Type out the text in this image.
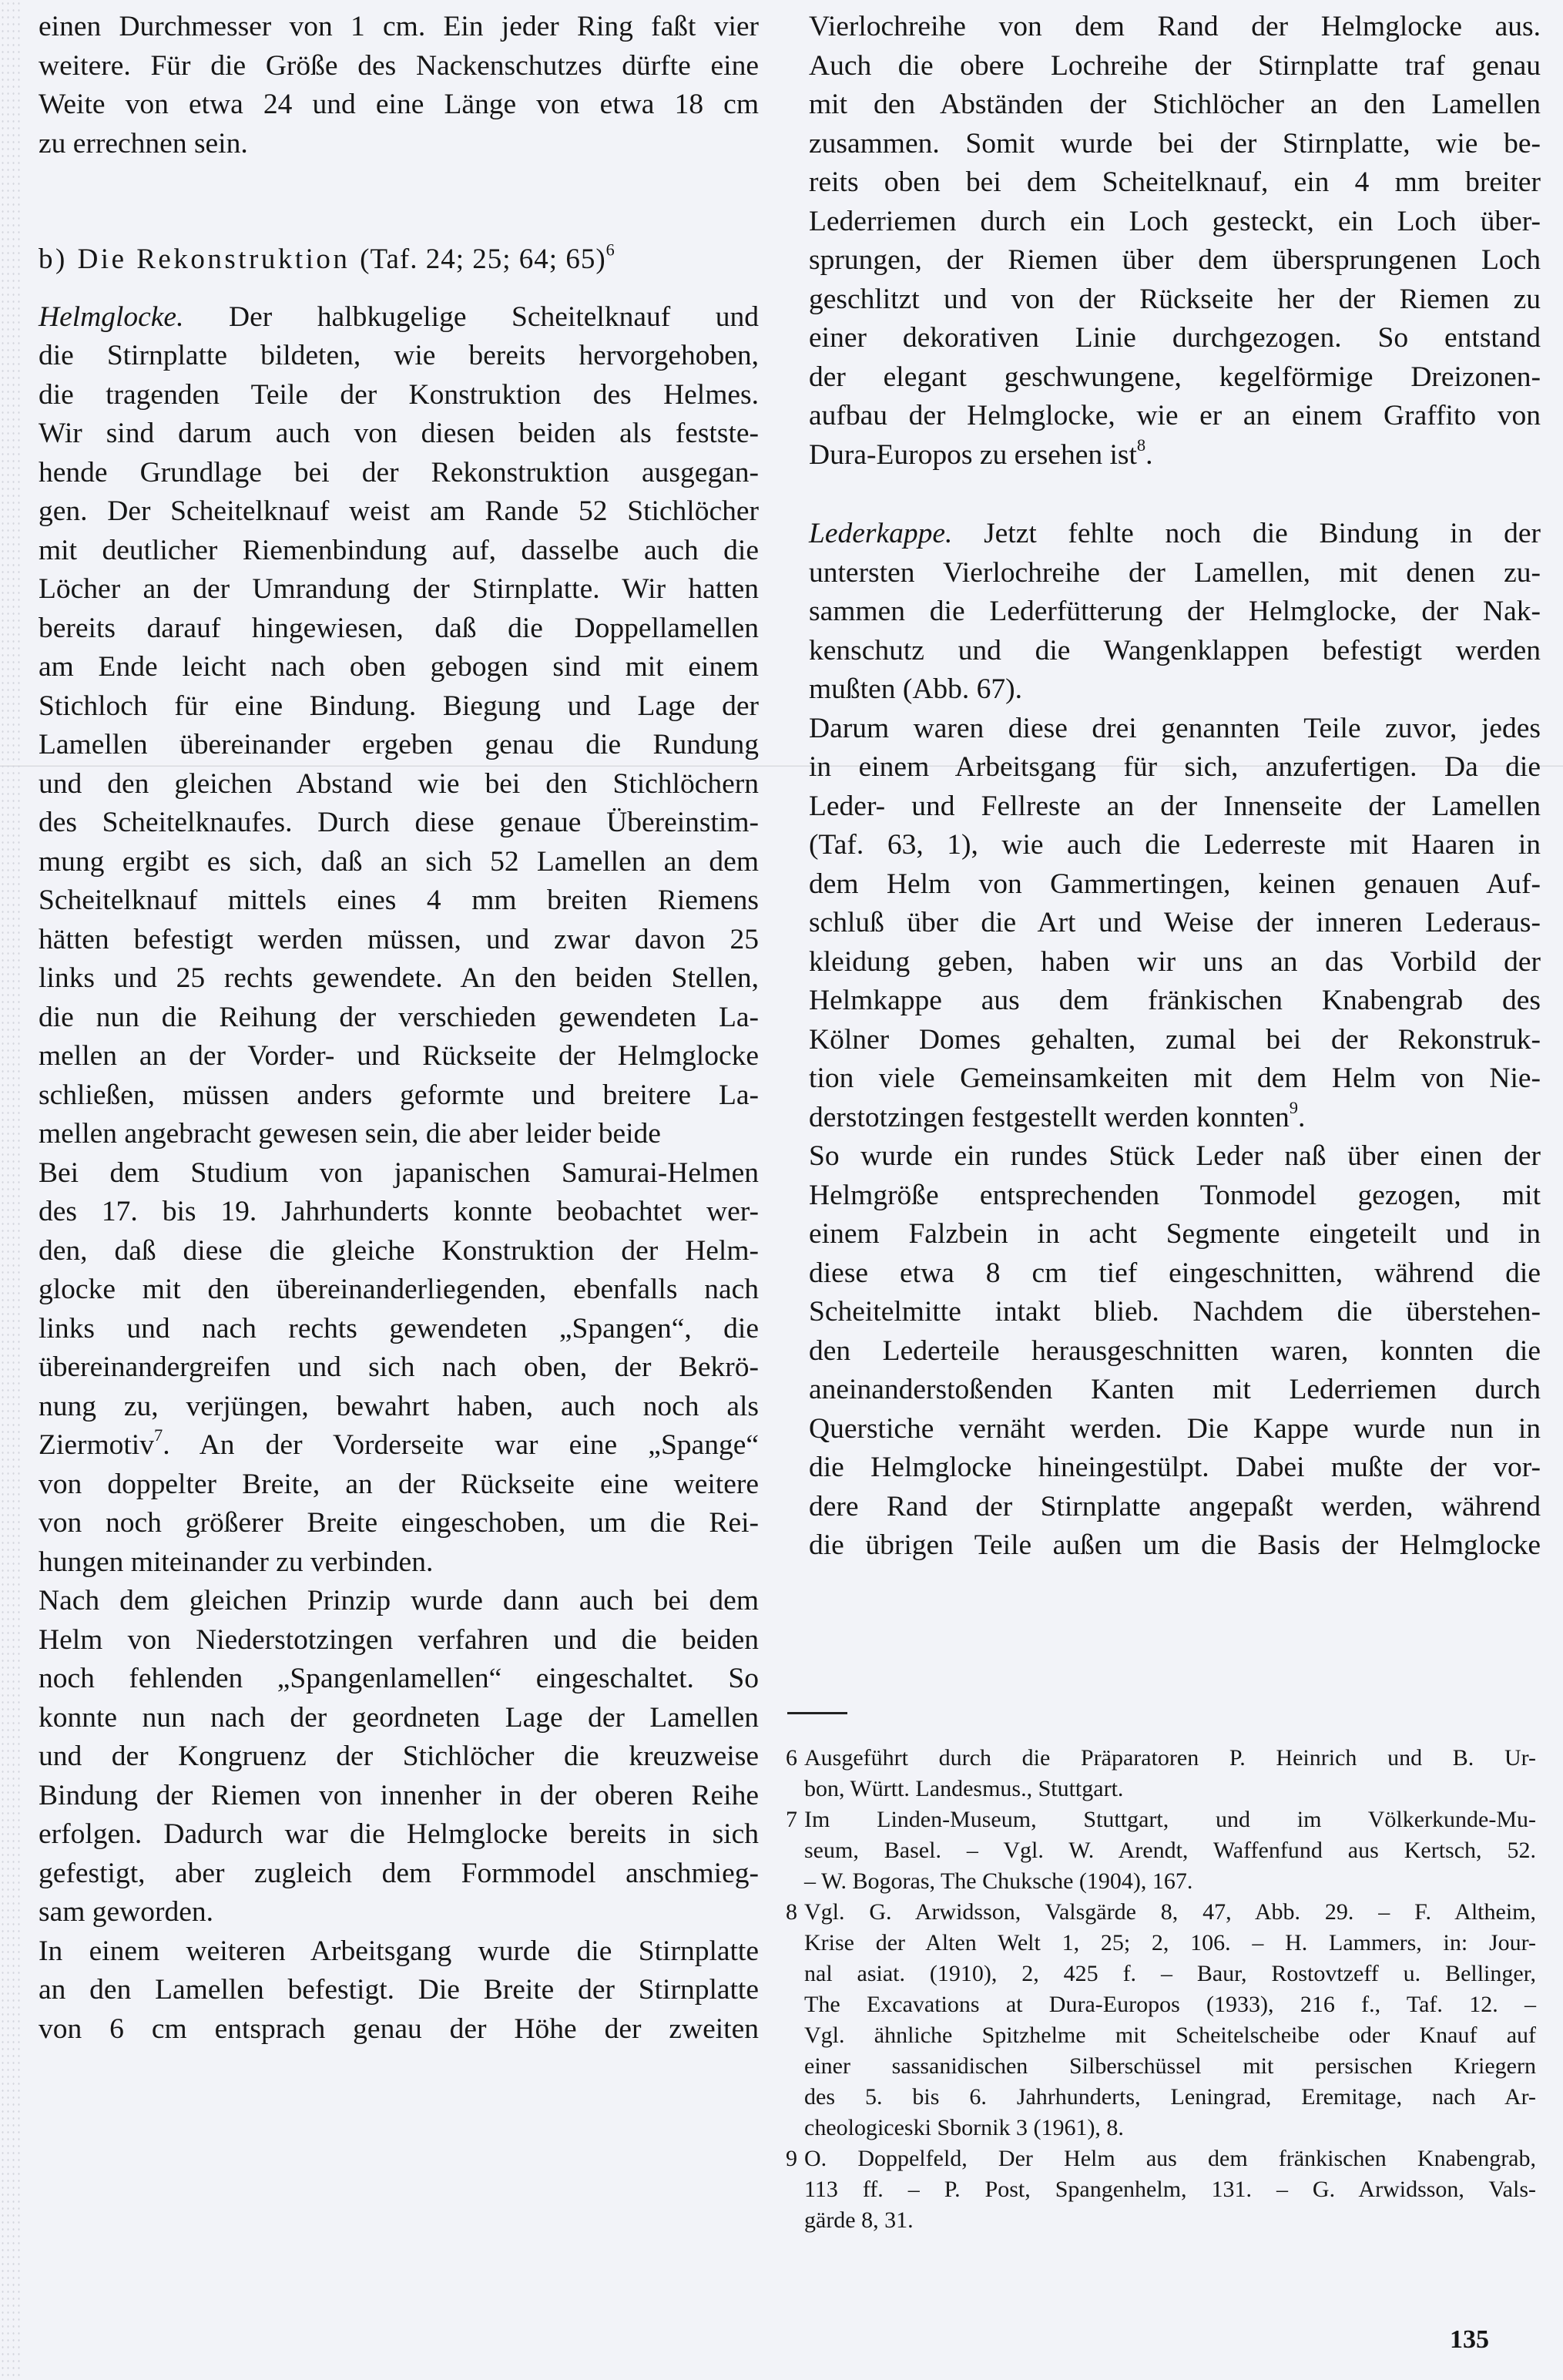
einen Durchmesser von 1 cm. Ein jeder Ring faßt vier
weitere. Für die Größe des Nackenschutzes dürfte eine
Weite von etwa 24 und eine Länge von etwa 18 cm
zu errechnen sein.
b) Die Rekonstruktion (Taf. 24; 25; 64; 65)$^6$
Helmglocke. Der halbkugelige Scheitelknauf und
die Stirnplatte bildeten, wie bereits hervorgehoben,
die tragenden Teile der Konstruktion des Helmes.
Wir sind darum auch von diesen beiden als festste-
hende Grundlage bei der Rekonstruktion ausgegan-
gen. Der Scheitelknauf weist am Rande 52 Stichlöcher
mit deutlicher Riemenbindung auf, dasselbe auch die
Löcher an der Umrandung der Stirnplatte. Wir hatten
bereits darauf hingewiesen, daß die Doppellamellen
am Ende leicht nach oben gebogen sind mit einem
Stichloch für eine Bindung. Biegung und Lage der
Lamellen übereinander ergeben genau die Rundung
und den gleichen Abstand wie bei den Stichlöchern
des Scheitelknaufes. Durch diese genaue Übereinstim-
mung ergibt es sich, daß an sich 52 Lamellen an dem
Scheitelknauf mittels eines 4 mm breiten Riemens
hätten befestigt werden müssen, und zwar davon 25
links und 25 rechts gewendete. An den beiden Stellen,
die nun die Reihung der verschieden gewendeten La-
mellen an der Vorder- und Rückseite der Helmglocke
schließen, müssen anders geformte und breitere La-
mellen angebracht gewesen sein, die aber leider beide
Bei dem Studium von japanischen Samurai-Helmen
des 17. bis 19. Jahrhunderts konnte beobachtet wer-
den, daß diese die gleiche Konstruktion der Helm-
glocke mit den übereinanderliegenden, ebenfalls nach
links und nach rechts gewendeten „Spangen“, die
übereinandergreifen und sich nach oben, der Bekrö-
nung zu, verjüngen, bewahrt haben, auch noch als
Ziermotiv$^7$. An der Vorderseite war eine „Spange“
von doppelter Breite, an der Rückseite eine weitere
von noch größerer Breite eingeschoben, um die Rei-
hungen miteinander zu verbinden.
Nach dem gleichen Prinzip wurde dann auch bei dem
Helm von Niederstotzingen verfahren und die beiden
noch fehlenden „Spangenlamellen“ eingeschaltet. So
konnte nun nach der geordneten Lage der Lamellen
und der Kongruenz der Stichlöcher die kreuzweise
Bindung der Riemen von innenher in der oberen Reihe
erfolgen. Dadurch war die Helmglocke bereits in sich
gefestigt, aber zugleich dem Formmodel anschmieg-
sam geworden.
In einem weiteren Arbeitsgang wurde die Stirnplatte
an den Lamellen befestigt. Die Breite der Stirnplatte
von 6 cm entsprach genau der Höhe der zweiten
Vierlochreihe von dem Rand der Helmglocke aus.
Auch die obere Lochreihe der Stirnplatte traf genau
mit den Abständen der Stichlöcher an den Lamellen
zusammen. Somit wurde bei der Stirnplatte, wie be-
reits oben bei dem Scheitelknauf, ein 4 mm breiter
Lederriemen durch ein Loch gesteckt, ein Loch über-
sprungen, der Riemen über dem übersprungenen Loch
geschlitzt und von der Rückseite her der Riemen zu
einer dekorativen Linie durchgezogen. So entstand
der elegant geschwungene, kegelförmige Dreizonen-
aufbau der Helmglocke, wie er an einem Graffito von
Dura-Europos zu ersehen ist$^8$.
Lederkappe. Jetzt fehlte noch die Bindung in der
untersten Vierlochreihe der Lamellen, mit denen zu-
sammen die Lederfütterung der Helmglocke, der Nak-
kenschutz und die Wangenklappen befestigt werden
mußten (Abb. 67).
Darum waren diese drei genannten Teile zuvor, jedes
in einem Arbeitsgang für sich, anzufertigen. Da die
Leder- und Fellreste an der Innenseite der Lamellen
(Taf. 63, 1), wie auch die Lederreste mit Haaren in
dem Helm von Gammertingen, keinen genauen Auf-
schluß über die Art und Weise der inneren Lederaus-
kleidung geben, haben wir uns an das Vorbild der
Helmkappe aus dem fränkischen Knabengrab des
Kölner Domes gehalten, zumal bei der Rekonstruk-
tion viele Gemeinsamkeiten mit dem Helm von Nie-
derstotzingen festgestellt werden konnten$^9$.
So wurde ein rundes Stück Leder naß über einen der
Helmgröße entsprechenden Tonmodel gezogen, mit
einem Falzbein in acht Segmente eingeteilt und in
diese etwa 8 cm tief eingeschnitten, während die
Scheitelmitte intakt blieb. Nachdem die überstehen-
den Lederteile herausgeschnitten waren, konnten die
aneinanderstoßenden Kanten mit Lederriemen durch
Querstiche vernäht werden. Die Kappe wurde nun in
die Helmglocke hineingestülpt. Dabei mußte der vor-
dere Rand der Stirnplatte angepaßt werden, während
die übrigen Teile außen um die Basis der Helmglocke
6 Ausgeführt durch die Präparatoren P. Heinrich und B. Ur-
bon, Württ. Landesmus., Stuttgart.
7 Im Linden-Museum, Stuttgart, und im Völkerkunde-Mu-
seum, Basel. – Vgl. W. Arendt, Waffenfund aus Kertsch, 52.
– W. Bogoras, The Chuksche (1904), 167.
8 Vgl. G. Arwidsson, Valsgärde 8, 47, Abb. 29. – F. Altheim,
Krise der Alten Welt 1, 25; 2, 106. – H. Lammers, in: Jour-
nal asiat. (1910), 2, 425 f. – Baur, Rostovtzeff u. Bellinger,
The Excavations at Dura-Europos (1933), 216 f., Taf. 12. –
Vgl. ähnliche Spitzhelme mit Scheitelscheibe oder Knauf auf
einer sassanidischen Silberschüssel mit persischen Kriegern
des 5. bis 6. Jahrhunderts, Leningrad, Eremitage, nach Ar-
cheologiceski Sbornik 3 (1961), 8.
9 O. Doppelfeld, Der Helm aus dem fränkischen Knabengrab,
113 ff. – P. Post, Spangenhelm, 131. – G. Arwidsson, Vals-
gärde 8, 31.
135
